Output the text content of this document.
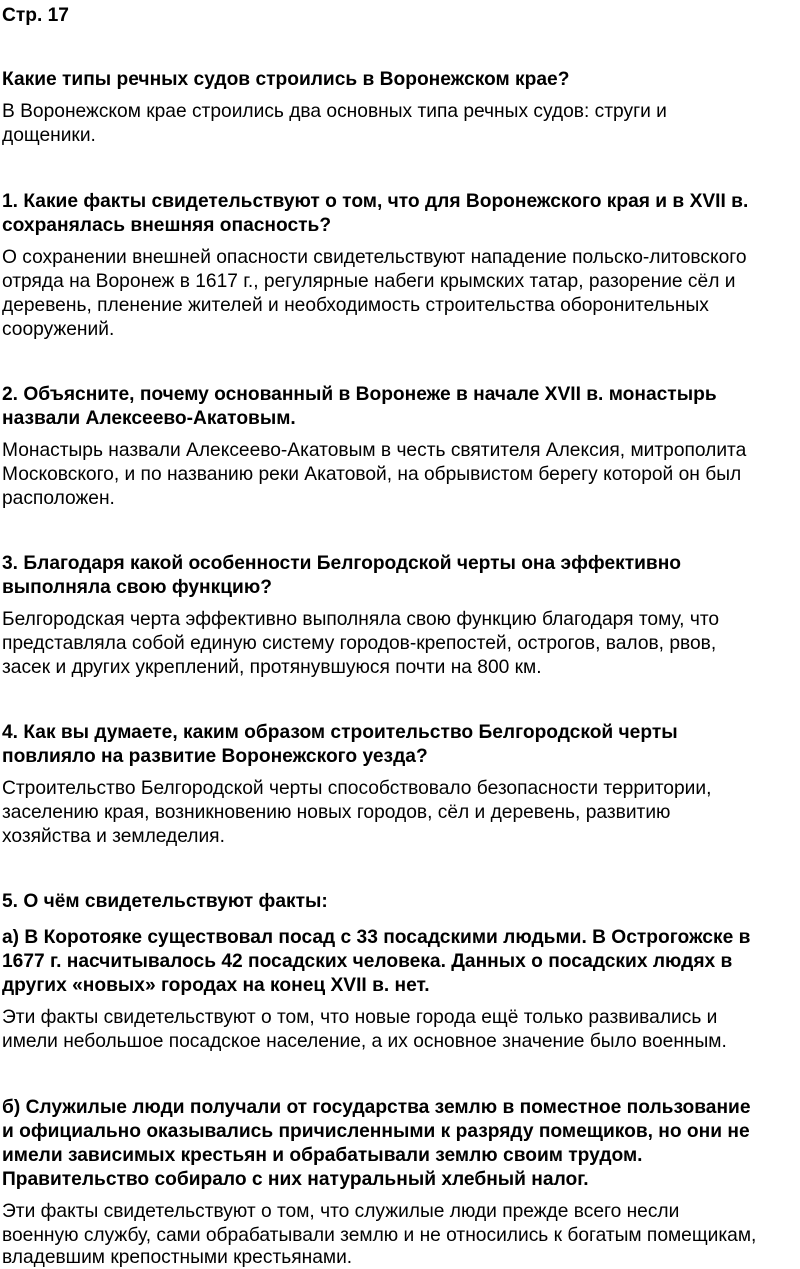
Стр. 17
Какие типы речных судов строились в Воронежском крае?
В Воронежском крае строились два основных типа речных судов: струги и
дощеники.
1. Какие факты свидетельствуют о том, что для Воронежского края и в XVII в.
сохранялась внешняя опасность?
О сохранении внешней опасности свидетельствуют нападение польско-литовского
отряда на Воронеж в 1617 г., регулярные набеги крымских татар, разорение сёл и
деревень, пленение жителей и необходимость строительства оборонительных
сооружений.
2. Объясните, почему основанный в Воронеже в начале XVII в. монастырь
назвали Алексеево-Акатовым.
Монастырь назвали Алексеево-Акатовым в честь святителя Алексия, митрополита
Московского, и по названию реки Акатовой, на обрывистом берегу которой он был
расположен.
3. Благодаря какой особенности Белгородской черты она эффективно
выполняла свою функцию?
Белгородская черта эффективно выполняла свою функцию благодаря тому, что
представляла собой единую систему городов-крепостей, острогов, валов, рвов,
засек и других укреплений, протянувшуюся почти на 800 км.
4. Как вы думаете, каким образом строительство Белгородской черты
повлияло на развитие Воронежского уезда?
Строительство Белгородской черты способствовало безопасности территории,
заселению края, возникновению новых городов, сёл и деревень, развитию
хозяйства и земледелия.
5. О чём свидетельствуют факты:
а) В Коротояке существовал посад с 33 посадскими людьми. В Острогожске в
1677 г. насчитывалось 42 посадских человека. Данных о посадских людях в
других «новых» городах на конец XVII в. нет.
Эти факты свидетельствуют о том, что новые города ещё только развивались и
имели небольшое посадское население, а их основное значение было военным.
б) Служилые люди получали от государства землю в поместное пользование
и официально оказывались причисленными к разряду помещиков, но они не
имели зависимых крестьян и обрабатывали землю своим трудом.
Правительство собирало с них натуральный хлебный налог.
Эти факты свидетельствуют о том, что служилые люди прежде всего несли
военную службу, сами обрабатывали землю и не относились к богатым помещикам,
владевшим крепостными крестьянами.
